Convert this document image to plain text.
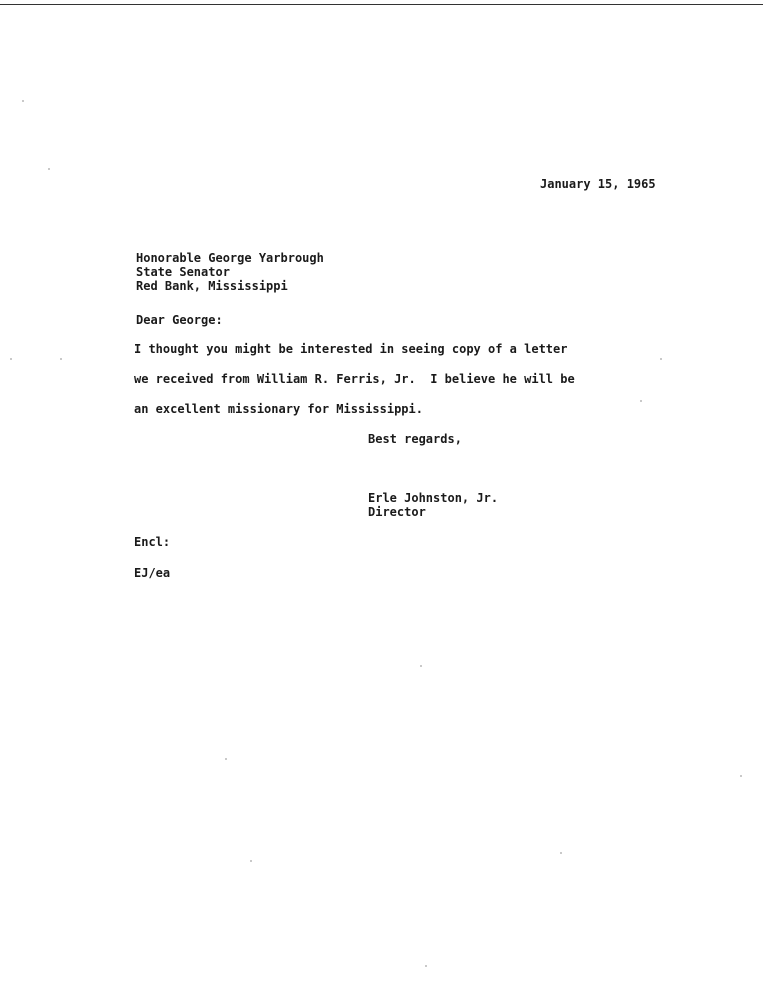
January 15, 1965
Honorable George Yarbrough
State Senator
Red Bank, Mississippi
Dear George:
I thought you might be interested in seeing copy of a letter
we received from William R. Ferris, Jr.  I believe he will be
an excellent missionary for Mississippi.
Best regards,
Erle Johnston, Jr.
Director
Encl:
EJ/ea
